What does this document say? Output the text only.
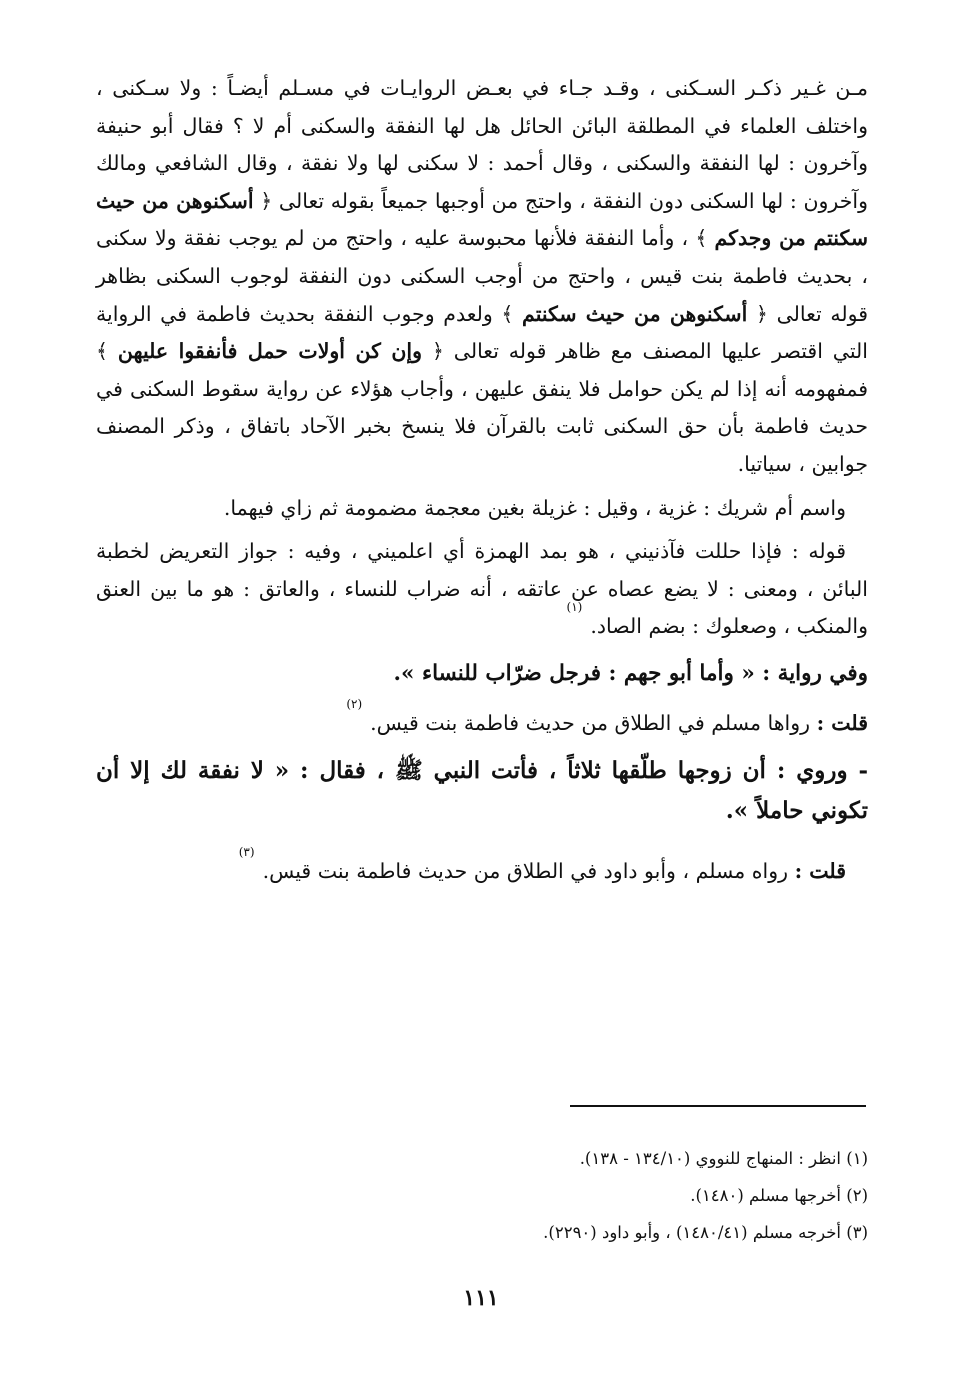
مـن غـير ذكـر السـكنى ، وقـد جـاء في بعـض الروايـات في مسـلم أيضـاً : ولا سـكنى ، واختلف العلماء في المطلقة البائن الحائل هل لها النفقة والسكنى أم لا ؟ فقال أبو حنيفة وآخرون : لها النفقة والسكنى ، وقال أحمد : لا سكنى لها ولا نفقة ، وقال الشافعي ومالك وآخرون : لها السكنى دون النفقة ، واحتج من أوجبها جميعاً بقوله تعالى ﴿ أسكنوهن من حيث سكنتم من وجدكم ﴾ ، وأما النفقة فلأنها محبوسة عليه ، واحتج من لم يوجب نفقة ولا سكنى ، بحديث فاطمة بنت قيس ، واحتج من أوجب السكنى دون النفقة لوجوب السكنى بظاهر قوله تعالى ﴿ أسكنوهن من حيث سكنتم ﴾ ولعدم وجوب النفقة بحديث فاطمة في الرواية التي اقتصر عليها المصنف مع ظاهر قوله تعالى ﴿ وإن كن أولات حمل فأنفقوا عليهن ﴾ فمفهومه أنه إذا لم يكن حوامل فلا ينفق عليهن ، وأجاب هؤلاء عن رواية سقوط السكنى في حديث فاطمة بأن حق السكنى ثابت بالقرآن فلا ينسخ بخبر الآحاد باتفاق ، وذكر المصنف جوابين ، سياتيا.

واسم أم شريك : غزية ، وقيل : غزيلة بغين معجمة مضمومة ثم زاي فيهما.

قوله : فإذا حللت فآذنيني ، هو بمد الهمزة أي اعلميني ، وفيه : جواز التعريض لخطبة البائن ، ومعنى : لا يضع عصاه عن عاتقه ، أنه ضراب للنساء ، والعاتق : هو ما بين العنق والمنكب ، وصعلوك : بضم الصاد.$^{(١)}$

وفي رواية : « وأما أبو جهم : فرجل ضرّاب للنساء ».

قلت : رواها مسلم في الطلاق من حديث فاطمة بنت قيس.$^{(٢)}$

- وروي : أن زوجها طلّقها ثلاثاً ، فأتت النبي ﷺ ، فقال : « لا نفقة لك إلا أن تكوني حاملاً ».

قلت : رواه مسلم ، وأبو داود في الطلاق من حديث فاطمة بنت قيس.$^{(٣)}$

(١) انظر : المنهاج للنووي (١٣٤/١٠ - ١٣٨).

(٢) أخرجها مسلم (١٤٨٠).

(٣) أخرجه مسلم (١٤٨٠/٤١) ، وأبو داود (٢٢٩٠).

١١١
